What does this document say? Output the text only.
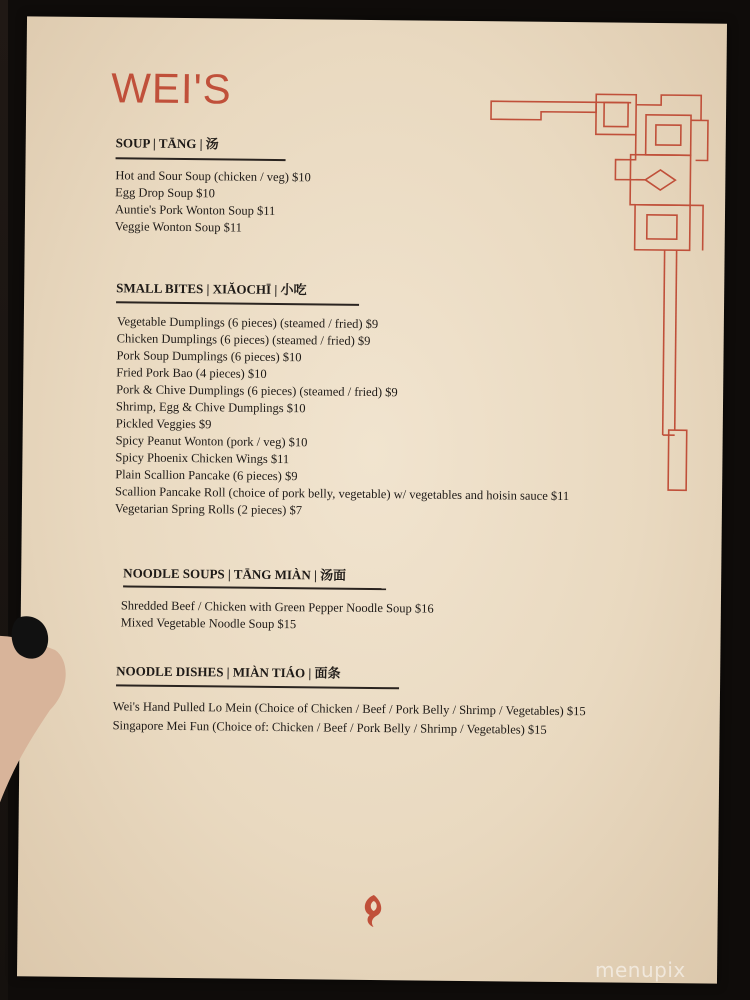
WEI'S
SOUP | TĀNG | 汤
Hot and Sour Soup (chicken / veg) $10
Egg Drop Soup $10
Auntie's Pork Wonton Soup $11
Veggie Wonton Soup $11
SMALL BITES | XIĂOCHĪ | 小吃
Vegetable Dumplings (6 pieces) (steamed / fried) $9
Chicken Dumplings (6 pieces) (steamed / fried) $9
Pork Soup Dumplings (6 pieces) $10
Fried Pork Bao (4 pieces) $10
Pork & Chive Dumplings (6 pieces) (steamed / fried) $9
Shrimp, Egg & Chive Dumplings $10
Pickled Veggies $9
Spicy Peanut Wonton (pork / veg) $10
Spicy Phoenix Chicken Wings $11
Plain Scallion Pancake (6 pieces) $9
Scallion Pancake Roll (choice of pork belly, vegetable) w/ vegetables and hoisin sauce $11
Vegetarian Spring Rolls (2 pieces) $7
NOODLE SOUPS | TĀNG MIÀN | 汤面
Shredded Beef / Chicken with Green Pepper Noodle Soup $16
Mixed Vegetable Noodle Soup $15
NOODLE DISHES | MIÀN TIÁO | 面条
Wei's Hand Pulled Lo Mein (Choice of Chicken / Beef / Pork Belly / Shrimp / Vegetables) $15
Singapore Mei Fun (Choice of: Chicken / Beef / Pork Belly / Shrimp / Vegetables) $15
menupix
